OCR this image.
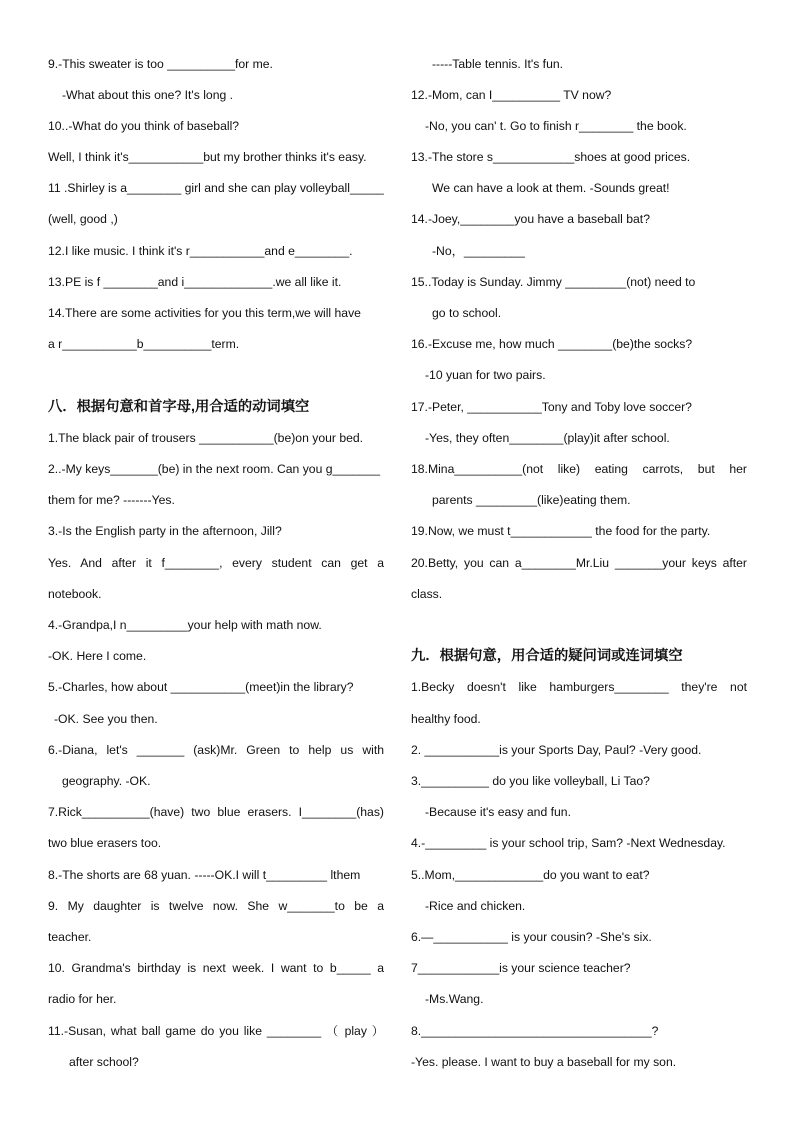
9.-This sweater is too __________for me.
-What about this one? It's long .
10..-What do you think of baseball?
Well, I think it's___________but my brother thinks it's easy.
11 .Shirley is a________ girl and she can play volleyball_____
(well, good ,)
12.I like music. I think it's r___________and e________.
13.PE is f ________and i_____________.we all like it.
14.There are some activities for you this term,we will have
a r___________b__________term.
八．根据句意和首字母,用合适的动词填空
1.The black pair of trousers ___________(be)on your bed.
2..-My keys_______(be) in the next room. Can you g_______
them for me? -------Yes.
3.-Is the English party in the afternoon, Jill?
Yes. And after it f________, every student can get a
notebook.
4.-Grandpa,I n_________your help with math now.
-OK. Here I come.
5.-Charles, how about ___________(meet)in the library?
-OK. See you then.
6.-Diana, let's _______ (ask)Mr. Green to help us with
geography. -OK.
7.Rick__________(have) two blue erasers. I________(has)
two blue erasers too.
8.-The shorts are 68 yuan. -----OK.I will t_________ lthem
9. My daughter is twelve now. She w_______to be a
teacher.
10. Grandma's birthday is next week. I want to b_____ a
radio for her.
11.-Susan, what ball game do you like ________ （ play ）
after school?
-----Table tennis. It's fun.
12.-Mom, can I__________ TV now?
-No, you can' t. Go to finish r________ the book.
13.-The store s____________shoes at good prices.
We can have a look at them. -Sounds great!
14.-Joey,________you have a baseball bat?
-No，_________
15..Today is Sunday. Jimmy _________(not) need to
go to school.
16.-Excuse me, how much ________(be)the socks?
-10 yuan for two pairs.
17.-Peter, ___________Tony and Toby love soccer?
-Yes, they often________(play)it after school.
18.Mina__________(not like) eating carrots, but her
parents _________(like)eating them.
19.Now, we must t____________ the food for the party.
20.Betty, you can a________Mr.Liu _______your keys after
class.
九．根据句意，用合适的疑问词或连词填空
1.Becky doesn't like hamburgers________ they're not
healthy food.
2. ___________is your Sports Day, Paul? -Very good.
3.__________ do you like volleyball, Li Tao?
-Because it's easy and fun.
4.-_________ is your school trip, Sam? -Next Wednesday.
5..Mom,_____________do you want to eat?
-Rice and chicken.
6.—___________ is your cousin? -She's six.
7____________is your science teacher?
-Ms.Wang.
8.__________________________________?
-Yes. please. I want to buy a baseball for my son.
